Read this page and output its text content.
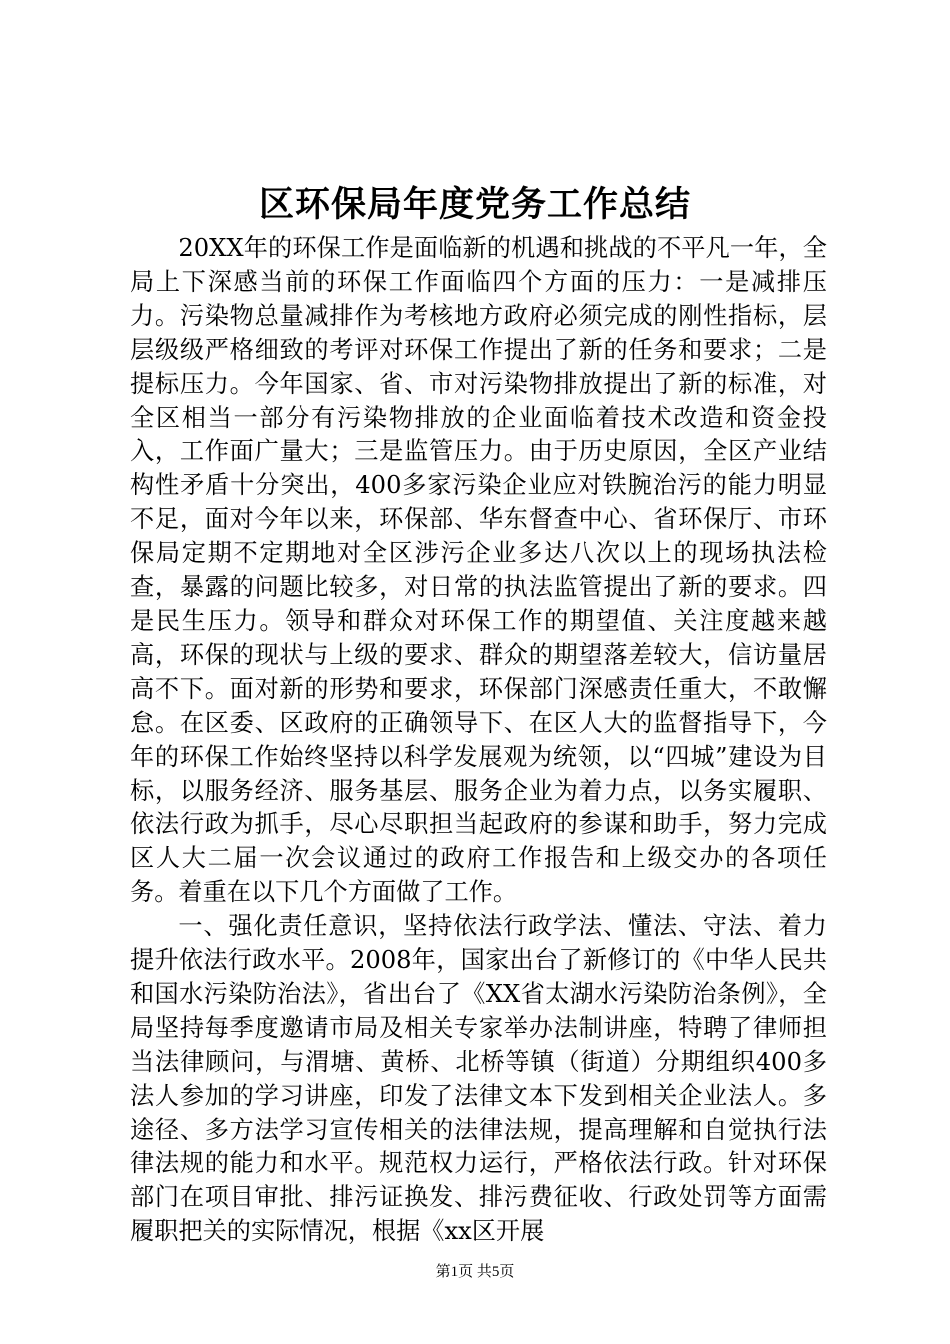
区环保局年度党务工作总结

20XX年的环保工作是面临新的机遇和挑战的不平凡一年，全局上下深感当前的环保工作面临四个方面的压力：一是减排压力。污染物总量减排作为考核地方政府必须完成的刚性指标，层层级级严格细致的考评对环保工作提出了新的任务和要求；二是提标压力。今年国家、省、市对污染物排放提出了新的标准，对全区相当一部分有污染物排放的企业面临着技术改造和资金投入，工作面广量大；三是监管压力。由于历史原因，全区产业结构性矛盾十分突出，400多家污染企业应对铁腕治污的能力明显不足，面对今年以来，环保部、华东督查中心、省环保厅、市环保局定期不定期地对全区涉污企业多达八次以上的现场执法检查，暴露的问题比较多，对日常的执法监管提出了新的要求。四是民生压力。领导和群众对环保工作的期望值、关注度越来越高，环保的现状与上级的要求、群众的期望落差较大，信访量居高不下。面对新的形势和要求，环保部门深感责任重大，不敢懈怠。在区委、区政府的正确领导下、在区人大的监督指导下，今年的环保工作始终坚持以科学发展观为统领，以“四城”建设为目标，以服务经济、服务基层、服务企业为着力点，以务实履职、依法行政为抓手，尽心尽职担当起政府的参谋和助手，努力完成区人大二届一次会议通过的政府工作报告和上级交办的各项任务。着重在以下几个方面做了工作。

一、强化责任意识，坚持依法行政学法、懂法、守法、着力提升依法行政水平。2008年，国家出台了新修订的《中华人民共和国水污染防治法》，省出台了《XX省太湖水污染防治条例》，全局坚持每季度邀请市局及相关专家举办法制讲座，特聘了律师担当法律顾问，与渭塘、黄桥、北桥等镇（街道）分期组织400多法人参加的学习讲座，印发了法律文本下发到相关企业法人。多途径、多方法学习宣传相关的法律法规，提高理解和自觉执行法律法规的能力和水平。规范权力运行，严格依法行政。针对环保部门在项目审批、排污证换发、排污费征收、行政处罚等方面需履职把关的实际情况，根据《xx区开展

第1页 共5页
